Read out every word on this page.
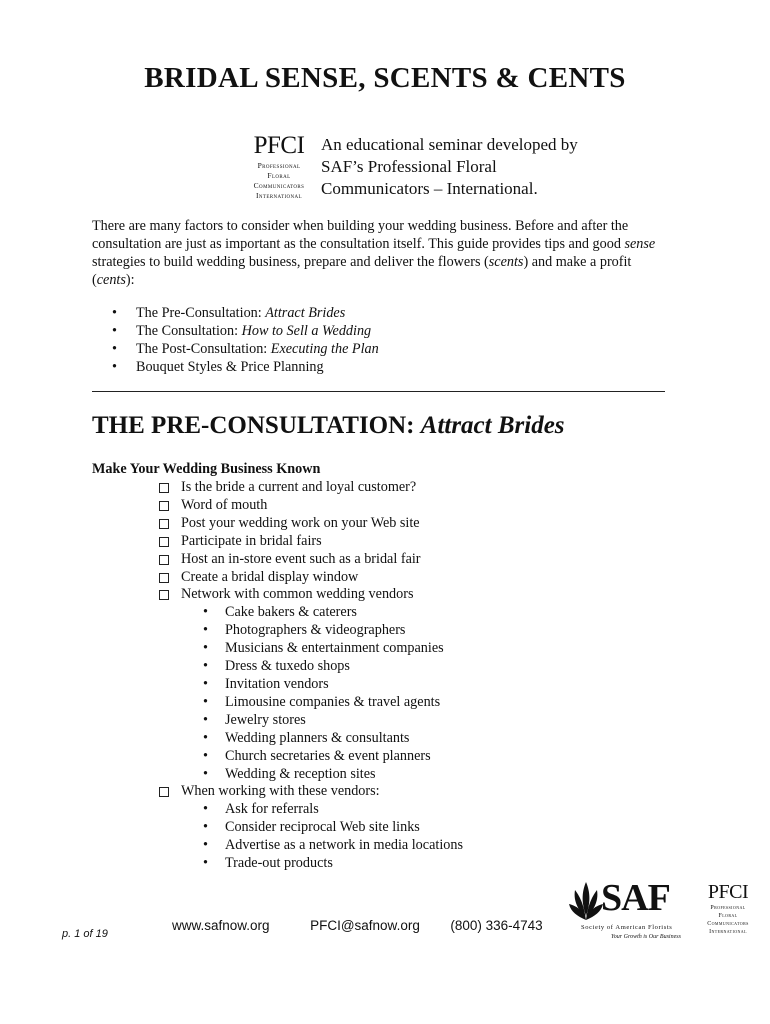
BRIDAL SENSE, SCENTS & CENTS
PFCI
Professional
Floral
Communicators
International
An educational seminar developed by
SAF’s Professional Floral
Communicators – International.
There are many factors to consider when building your wedding business. Before and after the consultation are just as important as the consultation itself. This guide provides tips and good sense strategies to build wedding business, prepare and deliver the flowers (scents) and make a profit (cents):
• The Pre-Consultation: Attract Brides
• The Consultation: How to Sell a Wedding
• The Post-Consultation: Executing the Plan
• Bouquet Styles & Price Planning
THE PRE-CONSULTATION: Attract Brides
Make Your Wedding Business Known
Is the bride a current and loyal customer?
Word of mouth
Post your wedding work on your Web site
Participate in bridal fairs
Host an in-store event such as a bridal fair
Create a bridal display window
Network with common wedding vendors
• Cake bakers & caterers
• Photographers & videographers
• Musicians & entertainment companies
• Dress & tuxedo shops
• Invitation vendors
• Limousine companies & travel agents
• Jewelry stores
• Wedding planners & consultants
• Church secretaries & event planners
• Wedding & reception sites
When working with these vendors:
• Ask for referrals
• Consider reciprocal Web site links
• Advertise as a network in media locations
• Trade-out products
p. 1 of 19
www.safnow.org	PFCI@safnow.org (800) 336-4743
SAF
Society of American Florists
Your Growth is Our Business
PFCI
Professional
Floral
Communicators
International
